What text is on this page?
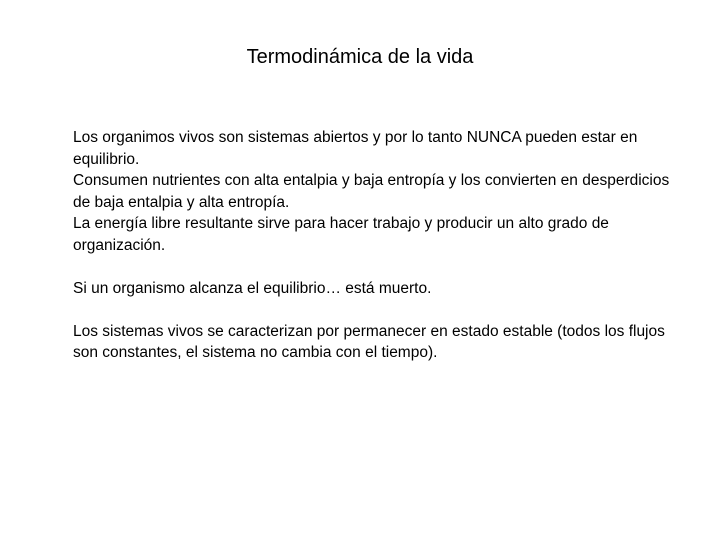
Termodinámica de la vida

Los organimos vivos son sistemas abiertos y por lo tanto NUNCA pueden estar en equilibrio.

Consumen nutrientes con alta entalpia y baja entropía y los convierten en desperdicios de baja entalpia y alta entropía.

La energía libre resultante sirve para hacer trabajo y producir un alto grado de organización.

Si un organismo alcanza el equilibrio… está muerto.

Los sistemas vivos se caracterizan por permanecer en estado estable (todos los flujos son constantes, el sistema no cambia con el tiempo).
